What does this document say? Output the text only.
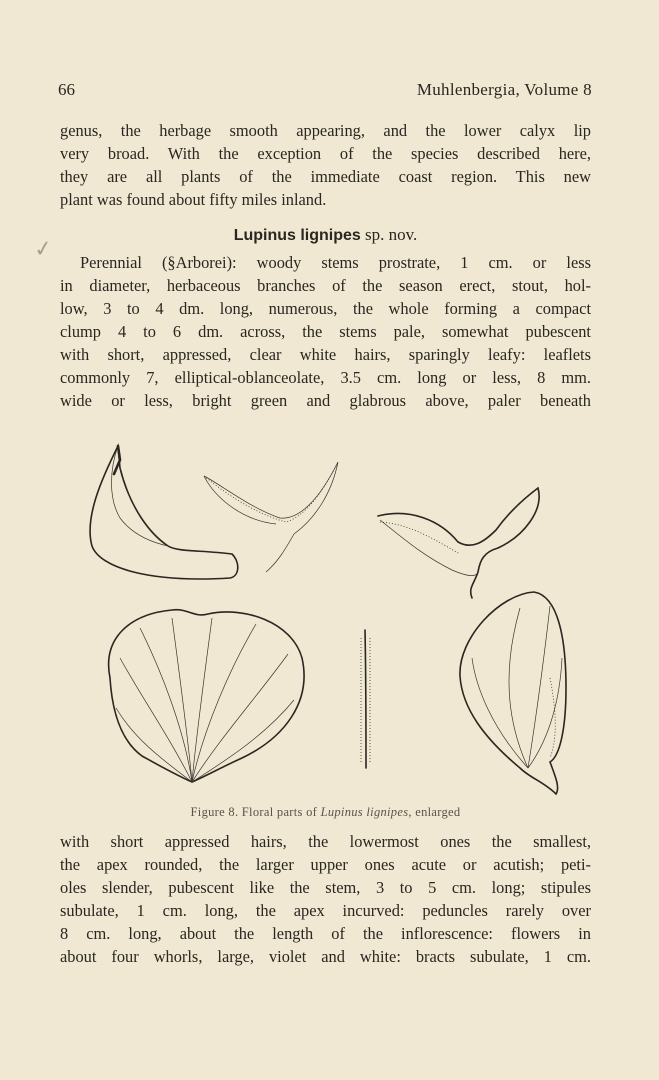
66	Muhlenbergia, Volume 8

genus, the herbage smooth appearing, and the lower calyx lip
very broad. With the exception of the species described here,
they are all plants of the immediate coast region. This new
plant was found about fifty miles inland.

✓	Lupinus lignipes sp. nov.

Perennial (§Arborei): woody stems prostrate, 1 cm. or less
in diameter, herbaceous branches of the season erect, stout, hol-
low, 3 to 4 dm. long, numerous, the whole forming a compact
clump 4 to 6 dm. across, the stems pale, somewhat pubescent
with short, appressed, clear white hairs, sparingly leafy: leaflets
commonly 7, elliptical-oblanceolate, 3.5 cm. long or less, 8 mm.
wide or less, bright green and glabrous above, paler beneath

Figure 8. Floral parts of Lupinus lignipes, enlarged

with short appressed hairs, the lowermost ones the smallest,
the apex rounded, the larger upper ones acute or acutish; peti-
oles slender, pubescent like the stem, 3 to 5 cm. long; stipules
subulate, 1 cm. long, the apex incurved: peduncles rarely over
8 cm. long, about the length of the inflorescence: flowers in
about four whorls, large, violet and white: bracts subulate, 1 cm.
